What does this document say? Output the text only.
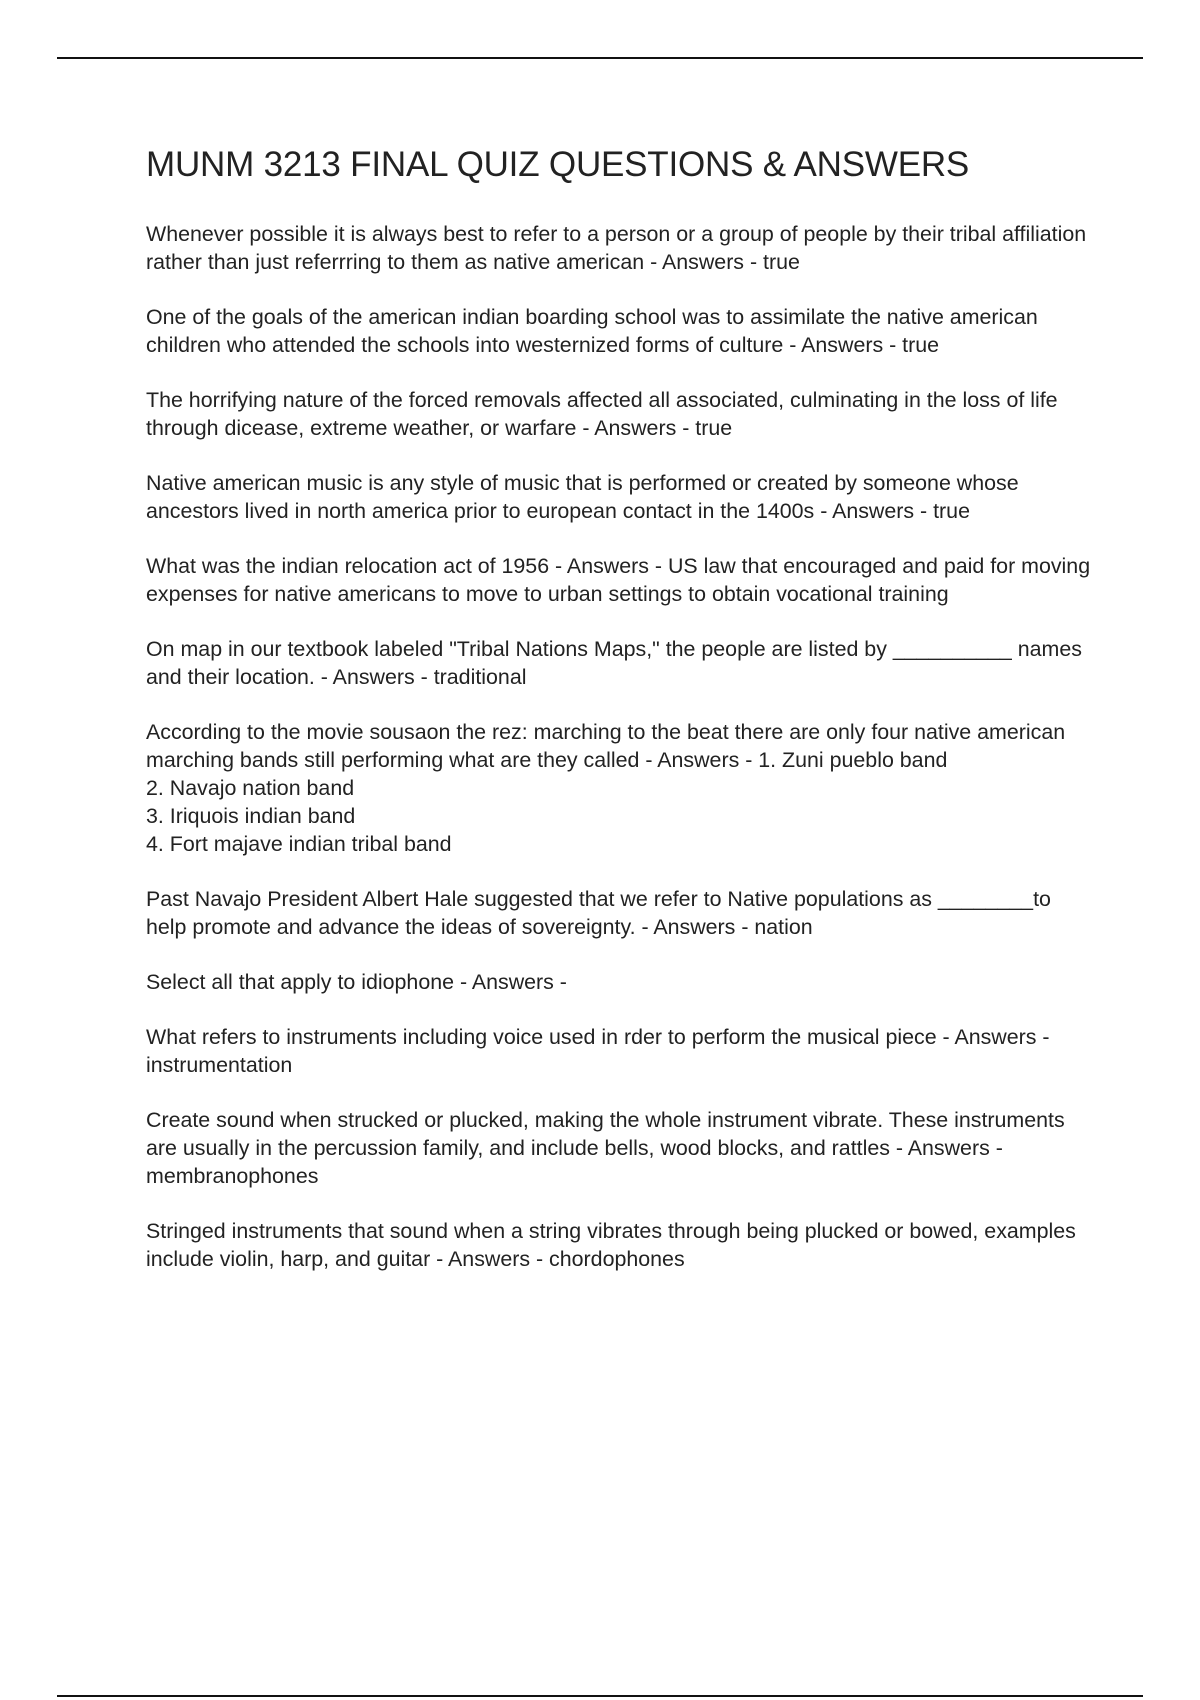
MUNM 3213 FINAL QUIZ QUESTIONS & ANSWERS
Whenever possible it is always best to refer to a person or a group of people by their tribal affiliation rather than just referrring to them as native american - Answers - true
One of the goals of the american indian boarding school was to assimilate the native american children who attended the schools into westernized forms of culture - Answers - true
The horrifying nature of the forced removals affected all associated, culminating in the loss of life through dicease, extreme weather, or warfare - Answers - true
Native american music is any style of music that is performed or created by someone whose ancestors lived in north america prior to european contact in the 1400s - Answers - true
What was the indian relocation act of 1956 - Answers - US law that encouraged and paid for moving expenses for native americans to move to urban settings to obtain vocational training
On map in our textbook labeled "Tribal Nations Maps," the people are listed by __________ names and their location. - Answers - traditional
According to the movie sousaon the rez: marching to the beat there are only four native american marching bands still performing what are they called - Answers - 1. Zuni pueblo band
2. Navajo nation band
3. Iriquois indian band
4. Fort majave indian tribal band
Past Navajo President Albert Hale suggested that we refer to Native populations as ________to help promote and advance the ideas of sovereignty. - Answers - nation
Select all that apply to idiophone - Answers -
What refers to instruments including voice used in rder to perform the musical piece - Answers - instrumentation
Create sound when strucked or plucked, making the whole instrument vibrate. These instruments are usually in the percussion family, and include bells, wood blocks, and rattles - Answers - membranophones
Stringed instruments that sound when a string vibrates through being plucked or bowed, examples include violin, harp, and guitar - Answers - chordophones
